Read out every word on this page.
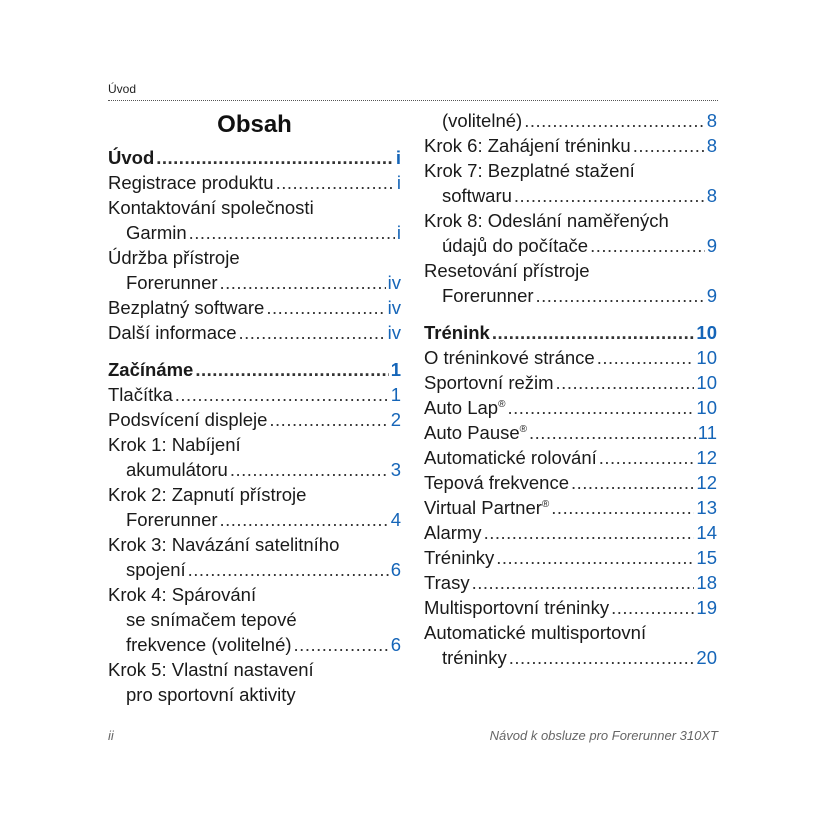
Úvod
Obsah
Úvod .....	i
Registrace produktu .....	i
Kontaktování společnosti
Garmin .....	i
Údržba přístroje
Forerunner .....	iv
Bezplatný software .....	iv
Další informace .....	iv
Začínáme .....	1
Tlačítka .....	1
Podsvícení displeje .....	2
Krok 1: Nabíjení
akumulátoru .....	3
Krok 2: Zapnutí přístroje
Forerunner .....	4
Krok 3: Navázání satelitního
spojení .....	6
Krok 4: Spárování
se snímačem tepové
frekvence (volitelné) .....	6
Krok 5: Vlastní nastavení
pro sportovní aktivity
(volitelné) .....	8
Krok 6: Zahájení tréninku .....	8
Krok 7: Bezplatné stažení
softwaru .....	8
Krok 8: Odeslání naměřených
údajů do počítače .....	9
Resetování přístroje
Forerunner .....	9
Trénink .....	10
O tréninkové stránce .....	10
Sportovní režim .....	10
Auto Lap® .....	10
Auto Pause® .....	11
Automatické rolování .....	12
Tepová frekvence .....	12
Virtual Partner® .....	13
Alarmy .....	14
Tréninky .....	15
Trasy .....	18
Multisportovní tréninky .....	19
Automatické multisportovní
tréninky .....	20
ii	Návod k obsluze pro Forerunner 310XT
